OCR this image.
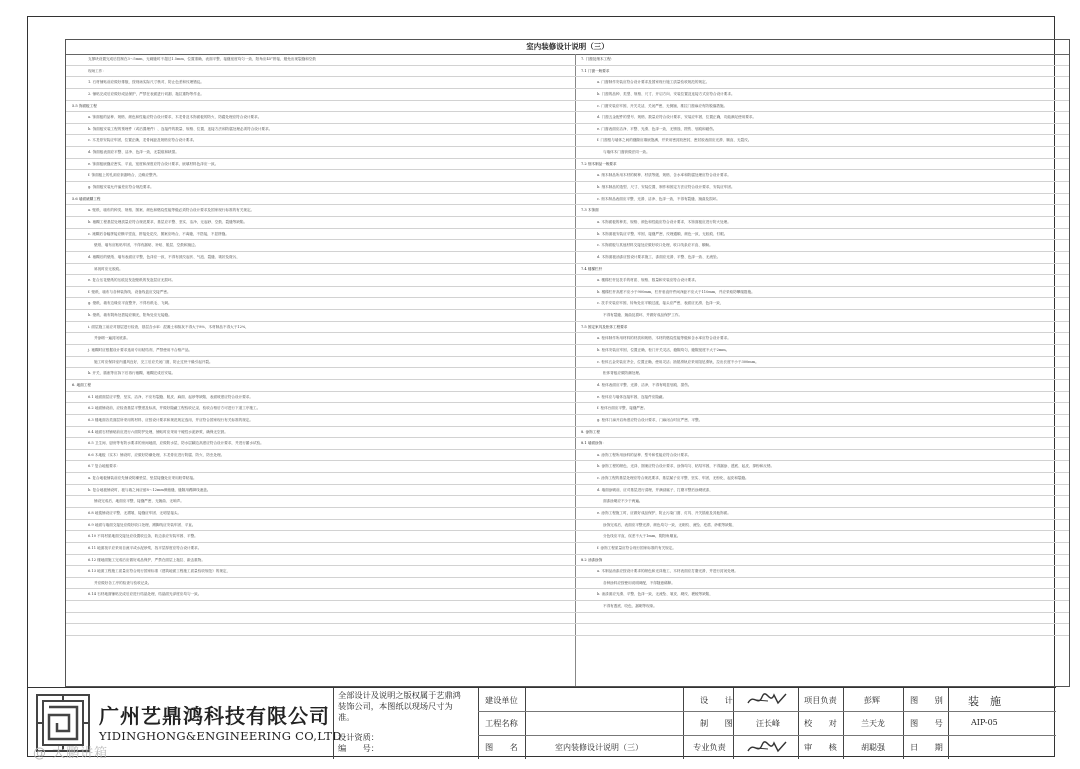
室内装修设计说明（三）
支撑块设置完成后控制在3～5mm，无砌缝时不超过1.5mm，位置准确，表面平整，接缝宽度均匀一致，阳角应45°拼接，避免出现裂缝和空鼓
现场工作：
1. 石材铺贴前应做好排版，按现场实际尺寸核对，防止色差和纹理错乱。
2. 铺贴完成后应做好成品保护，严禁在表面进行切割、拖拉重物等作业。
5.5 饰面板工程
a. 饰面板的品种、规格、颜色和性能应符合设计要求，木龙骨及木饰面板的防火、防腐处理应符合设计要求。
b. 饰面板安装工程的预埋件（或后置埋件）、连接件的数量、规格、位置、连接方法和防腐处理必须符合设计要求。
c. 木龙骨安装应牢固，位置正确，龙骨间距及规格应符合设计要求。
d. 饰面板表面应平整、洁净、色泽一致，无裂痕和缺损。
e. 饰面板嵌缝应密实、平直，宽度和深度应符合设计要求，嵌填材料色泽应一致。
f. 饰面板上的孔洞应套割吻合，边缘应整齐。
g. 饰面板安装允许偏差应符合规范要求。
5.6 墙面裱糊工程
a. 壁纸、墙布的种类、规格、图案、颜色和燃烧性能等级必须符合设计要求及国家现行标准的有关规定。
b. 裱糊工程基层处理质量应符合规范要求，基层应平整、坚实、洁净，无起砂、空鼓、裂缝等缺陷。
c. 裱糊后各幅拼接应横平竖直，拼接处花纹、图案应吻合，不离缝，不搭接，不显拼缝。
壁纸、墙布应粘贴牢固，不得有漏贴、补贴、脱层、空鼓和翘边。
d. 裱糊后的壁纸、墙布表面应平整，色泽应一致，不得有波纹起伏、气泡、裂缝、皱折及斑污，
斜视时应无胶痕。
e. 复合压花壁纸的压痕及发泡壁纸的发泡层应无损坏。
f. 壁纸、墙布与各种装饰线、设备线盒应交接严密。
g. 壁纸、墙布边缘应平直整齐，不得有纸毛、飞刺。
h. 壁纸、墙布阴角处搭接应顺光，阳角处应无接缝。
i. 面层施工前应对基层进行检查，基层含水率：混凝土和抹灰不得大于8%，木材制品不得大于12%，
并涂刷一遍封闭底漆。
j. 裱糊时应根据设计要求选用专用粘结剂，严禁使用不合格产品。
施工时应保持室内通风良好，完工后应关闭门窗，防止过快干燥引起开裂。
k. 开关、插座等应拆下后再行裱糊，裱糊完成后安装。
6. 地面工程
6.1 地面面层应平整、坚实、洁净，不应有裂缝、脱皮、麻面、起砂等缺陷，表面坡度应符合设计要求。
6.2 地面铺设前，应检查基层平整度及标高，并做好隐蔽工程验收记录，验收合格后方可进行下道工序施工。
6.3 楼地面各类面层所采用的材料，应按设计要求和规范规定选用，并应符合国家现行有关标准的规定。
6.4 地面石材铺贴前应进行六面防护处理，铺贴时应采用干硬性水泥砂浆，确保无空鼓。
6.5 卫生间、厨房等有防水要求的房间地面，应做防水层，防水层翻边高度应符合设计要求，并进行蓄水试验。
6.6 木地板（实木）铺设时，应做好防潮处理，木龙骨应进行防腐、防火、防虫处理。
6.7 复合地板要求：
a. 复合地板铺装前应先铺设防潮垫层，垫层接缝处应采用胶带粘接。
b. 复合地板铺设时，板与墙之间应留8～12mm伸缩缝，缝隙用踢脚线遮盖。
铺设完成后，地面应平整，接缝严密，无翘曲、无响声。
6.8 地毯铺设应平整、无褶皱，接缝应牢固、无明显接头。
6.9 地面与墙面交接处应做好收口处理，踢脚线应安装牢固、平直。
6.10 不同材质地面交接处应设置收边条，收边条应安装牢固、平整。
6.11 地面找平应采用自流平或水泥砂浆，找平层厚度应符合设计要求。
6.12 楼地面施工完成后应做好成品保护，严禁在面层上拖拉、敲击重物。
6.13 地面工程施工质量应符合现行国家标准《建筑地面工程施工质量验收规范》的规定，
并应做好各工序的检查与验收记录。
6.14 石材地面铺贴完成后应进行结晶处理，结晶面光泽度应均匀一致。
7. 门窗及细木工程：
7.1 门窗一般要求
a. 门窗制作安装应符合设计要求及国家现行施工质量验收规范的规定。
b. 门窗的品种、类型、规格、尺寸、开启方向、安装位置及连接方式应符合设计要求。
c. 门窗安装应牢固，开关灵活，关闭严密，无倒翘，推拉门窗扇应有防脱落措施。
d. 门窗五金配件的型号、规格、数量应符合设计要求，安装应牢固，位置正确，功能满足使用要求。
e. 门窗表面应洁净、平整、光滑、色泽一致，无锈蚀、擦伤、划痕和碰伤。
f. 门窗框与墙体之间的缝隙应填嵌饱满，并采用密封胶密封，密封胶表面应光滑、顺直、无裂纹。
与墙体木门窗套做法同一致。
7.2 细木制品一般要求
a. 细木制品所用木材的树种、材质等级、规格、含水率和防腐处理应符合设计要求。
b. 细木制品的造型、尺寸、安装位置、制作和固定方法应符合设计要求，安装应牢固。
c. 细木制品表面应平整、光滑、洁净、色泽一致，不得有裂缝、翘曲及损坏。
7.3 木饰面
a. 木饰面板的种类、规格、颜色和性能应符合设计要求，木饰面板应进行防火处理。
b. 木饰面板安装应平整、牢固，接缝严密，纹理通顺，颜色一致，无胶痕、钉眼。
c. 木饰面板与其他材料交接处应做好收口处理，收口线条应平直、顺畅。
d. 木饰面板油漆应按设计要求施工，漆面应光滑、平整、色泽一致、无流坠。
7.4 楼梯栏杆
a. 楼梯栏杆及扶手的材质、规格、数量和安装应符合设计要求。
b. 楼梯栏杆高度不应小于900mm，栏杆垂直杆件间净距不应大于110mm，并应采取防攀爬措施。
c. 扶手安装应牢固，转角处应平顺过渡，接头应严密，表面应光滑、色泽一致，
不得有裂缝、翘曲及损坏，并做好成品保护工作。
7.5 固定家具及柜体工程要求
a. 柜体制作所用材料的材质和规格、木材的燃烧性能等级和含水率应符合设计要求。
b. 柜体安装应牢固，位置正确，柜门开关灵活，缝隙均匀，缝隙宽度不大于2mm。
c. 柜体五金安装应齐全，位置正确，使用灵活；抽屉滑轨应采用阻尼滑轨，拉出长度不小于300mm。
柜体背板应做防潮处理。
d. 柜体表面应平整、光滑、洁净，不得有明显划痕、损伤。
e. 柜体应与墙体连接牢固，连接件应隐蔽。
f. 柜体台面应平整，接缝严密。
g. 柜体门扇开启角度应符合设计要求，门扇闭合时应严密、平整。
8. 涂饰工程
8.1 墙面涂饰：
a. 涂饰工程所用涂料的品种、型号和性能应符合设计要求。
b. 涂饰工程的颜色、光泽、图案应符合设计要求，涂饰均匀、粘结牢固，不得漏涂、透底、起皮、掉粉和反锈。
c. 涂饰工程的基层处理应符合规范要求，基层腻子应平整、坚实、牢固，无粉化、起皮和裂缝。
d. 墙面涂刷前，应对基层进行清理，并满刮腻子，打磨平整后涂刷底漆，
面漆涂刷应不少于两遍。
e. 涂饰工程施工时，应做好成品保护，防止污染门窗、灯具、开关插座及其他饰面。
涂饰完成后，表面应平整光滑，颜色均匀一致，无刷纹、流坠、疙瘩、砂眼等缺陷，
分色线应平直，误差不大于1mm，阴阳角顺直。
f. 涂饰工程质量应符合现行国家标准的有关规定。
8.2 油漆涂饰
a. 木制品油漆应按设计要求的颜色和光泽施工，木材表面应打磨光滑，并进行封闭处理。
各种涂料应按使用说明调配，不得随意稀释。
b. 油漆面应光滑、平整、色泽一致，无流坠、皱皮、刷纹、裹棱等缺陷，
不得有透底、咬色、漏刷等现象。
广州艺鼎鸿科技有限公司
YIDINGHONG&ENGINEERING CO,LTD
@ 大鹏讲箱
全部设计及说明之版权属于艺鼎鸿装饰公司，本图纸以现场尺寸为准。
设计资质：
编　　号：
建设单位
工程名称
图　　名	室内装修设计说明（三）
设　　计
制　　图
专业负责
汪长峰
项目负责
校　　对
审　　核
彭辉
兰天龙
胡聪强
图　　别
图　　号
日　　期
装　施
AIP-05
